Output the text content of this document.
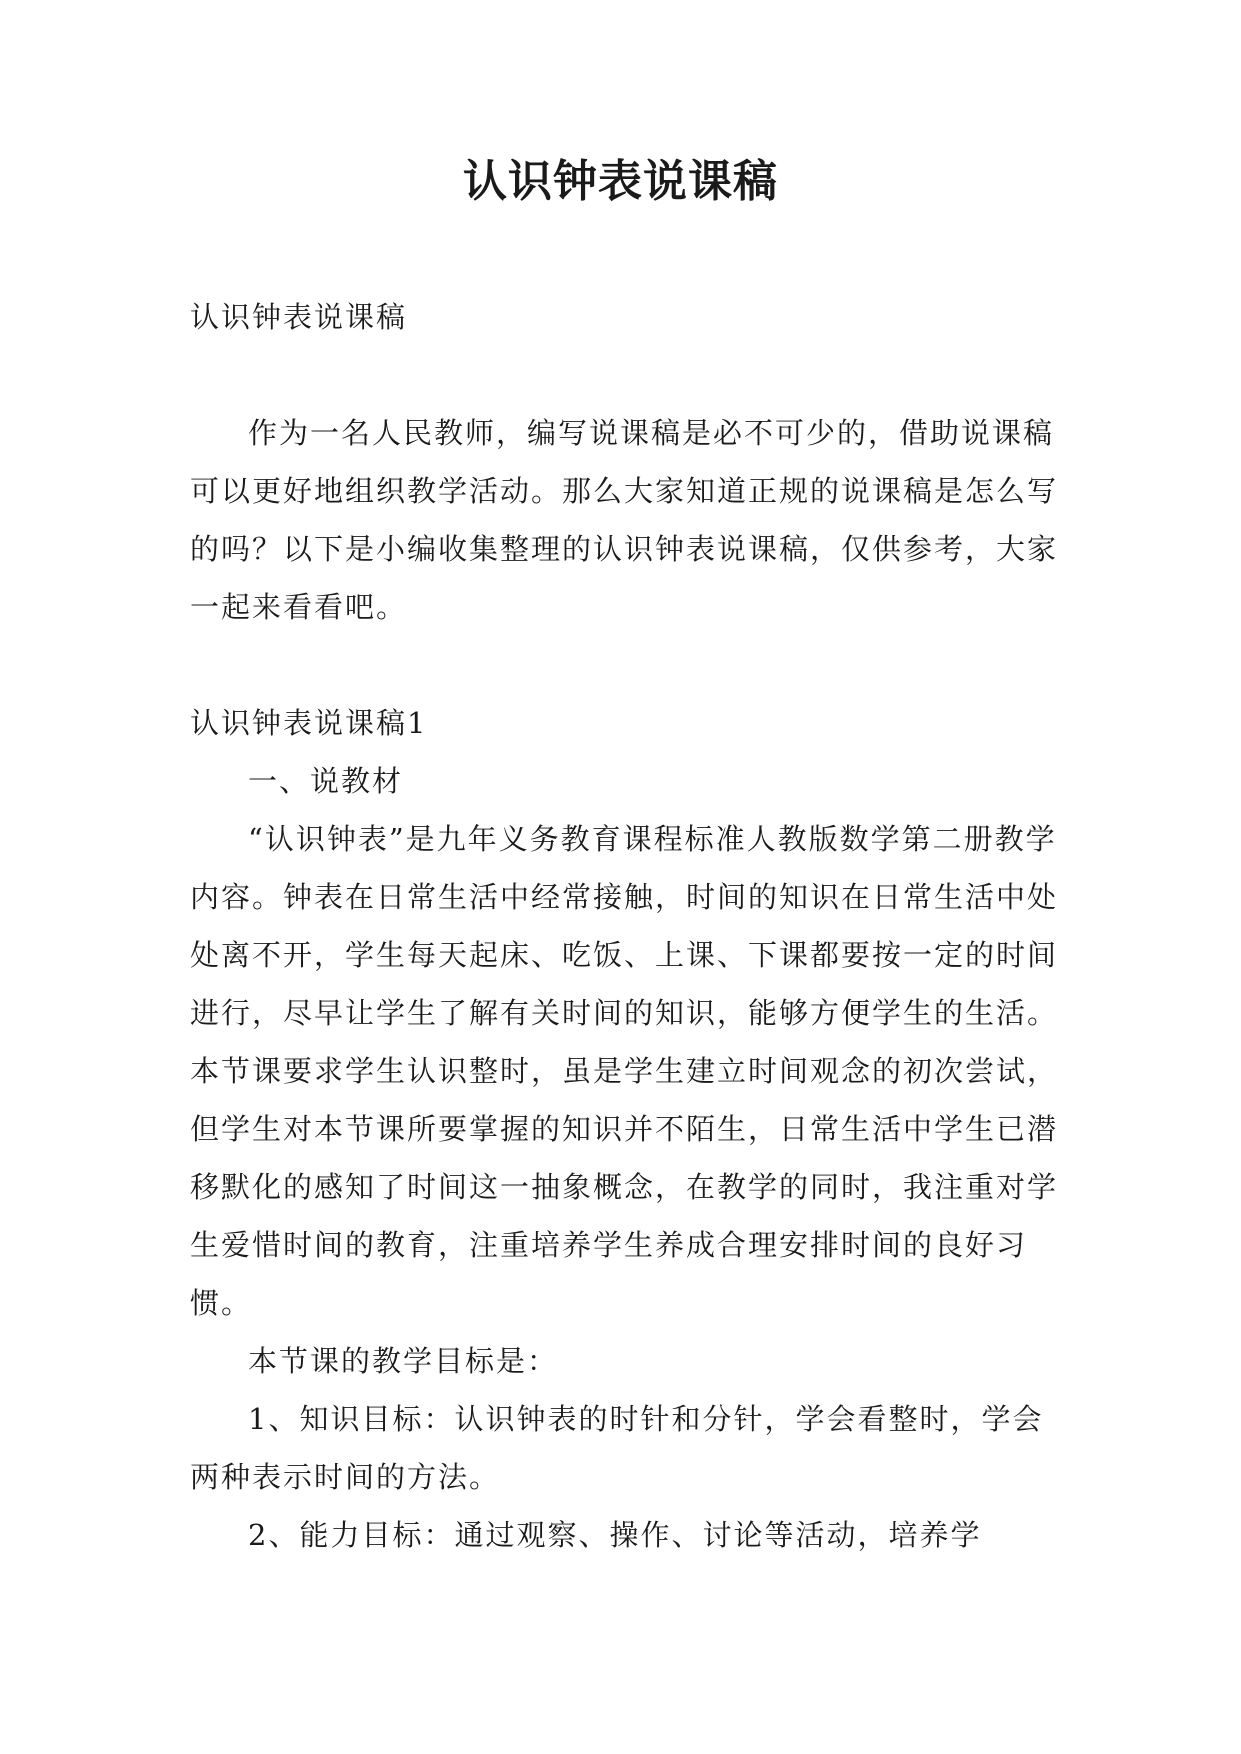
认识钟表说课稿

认识钟表说课稿

作为一名人民教师，编写说课稿是必不可少的，借助说课稿可以更好地组织教学活动。那么大家知道正规的说课稿是怎么写的吗？以下是小编收集整理的认识钟表说课稿，仅供参考，大家一起来看看吧。

认识钟表说课稿1

一、说教材

“认识钟表”是九年义务教育课程标准人教版数学第二册教学内容。钟表在日常生活中经常接触，时间的知识在日常生活中处处离不开，学生每天起床、吃饭、上课、下课都要按一定的时间进行，尽早让学生了解有关时间的知识，能够方便学生的生活。本节课要求学生认识整时，虽是学生建立时间观念的初次尝试，但学生对本节课所要掌握的知识并不陌生，日常生活中学生已潜移默化的感知了时间这一抽象概念，在教学的同时，我注重对学生爱惜时间的教育，注重培养学生养成合理安排时间的良好习惯。

本节课的教学目标是：

1、知识目标：认识钟表的时针和分针，学会看整时，学会两种表示时间的方法。

2、能力目标：通过观察、操作、讨论等活动，培养学
